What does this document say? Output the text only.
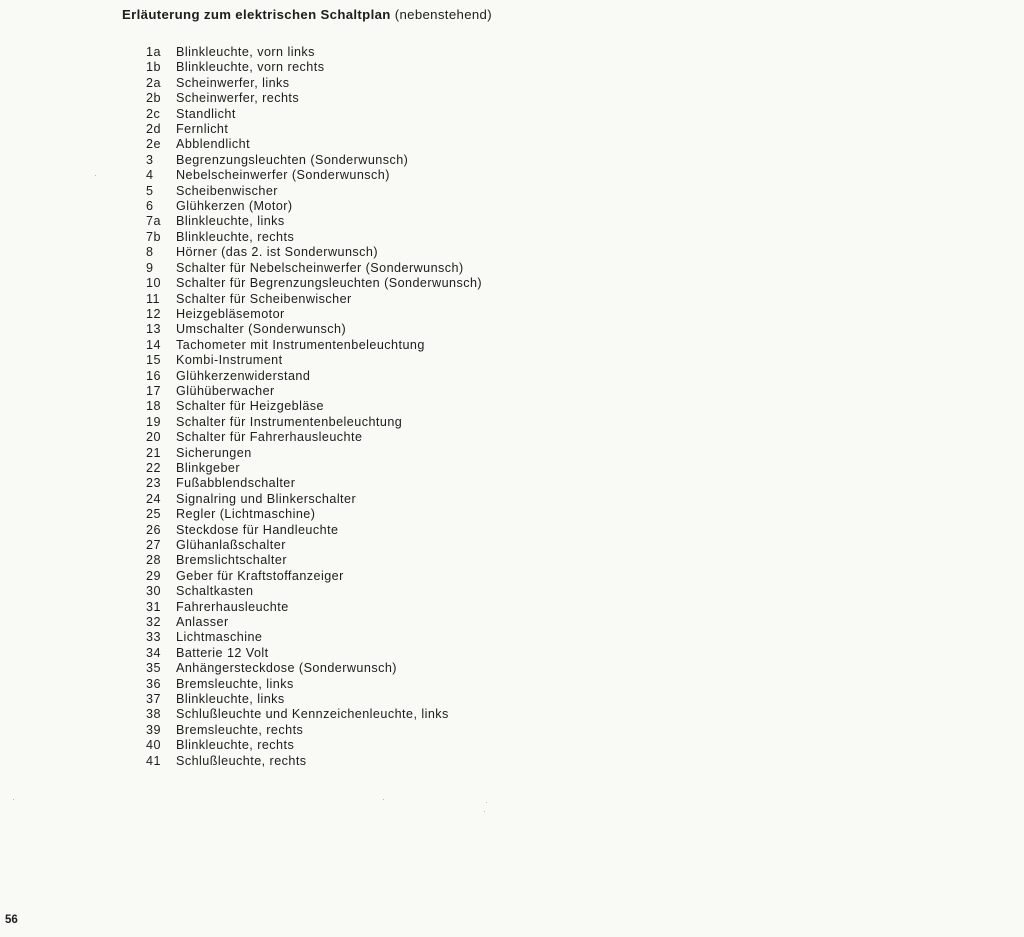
Erläuterung zum elektrischen Schaltplan (nebenstehend)
1a	Blinkleuchte, vorn links
1b	Blinkleuchte, vorn rechts
2a	Scheinwerfer, links
2b	Scheinwerfer, rechts
2c	Standlicht
2d	Fernlicht
2e	Abblendlicht
3	Begrenzungsleuchten (Sonderwunsch)
4	Nebelscheinwerfer (Sonderwunsch)
5	Scheibenwischer
6	Glühkerzen (Motor)
7a	Blinkleuchte, links
7b	Blinkleuchte, rechts
8	Hörner (das 2. ist Sonderwunsch)
9	Schalter für Nebelscheinwerfer (Sonderwunsch)
10	Schalter für Begrenzungsleuchten (Sonderwunsch)
11	Schalter für Scheibenwischer
12	Heizgebläsemotor
13	Umschalter (Sonderwunsch)
14	Tachometer mit Instrumentenbeleuchtung
15	Kombi-Instrument
16	Glühkerzenwiderstand
17	Glühüberwacher
18	Schalter für Heizgebläse
19	Schalter für Instrumentenbeleuchtung
20	Schalter für Fahrerhausleuchte
21	Sicherungen
22	Blinkgeber
23	Fußabblendschalter
24	Signalring und Blinkerschalter
25	Regler (Lichtmaschine)
26	Steckdose für Handleuchte
27	Glühanlaßschalter
28	Bremslichtschalter
29	Geber für Kraftstoffanzeiger
30	Schaltkasten
31	Fahrerhausleuchte
32	Anlasser
33	Lichtmaschine
34	Batterie 12 Volt
35	Anhängersteckdose (Sonderwunsch)
36	Bremsleuchte, links
37	Blinkleuchte, links
38	Schlußleuchte und Kennzeichenleuchte, links
39	Bremsleuchte, rechts
40	Blinkleuchte, rechts
41	Schlußleuchte, rechts
56
